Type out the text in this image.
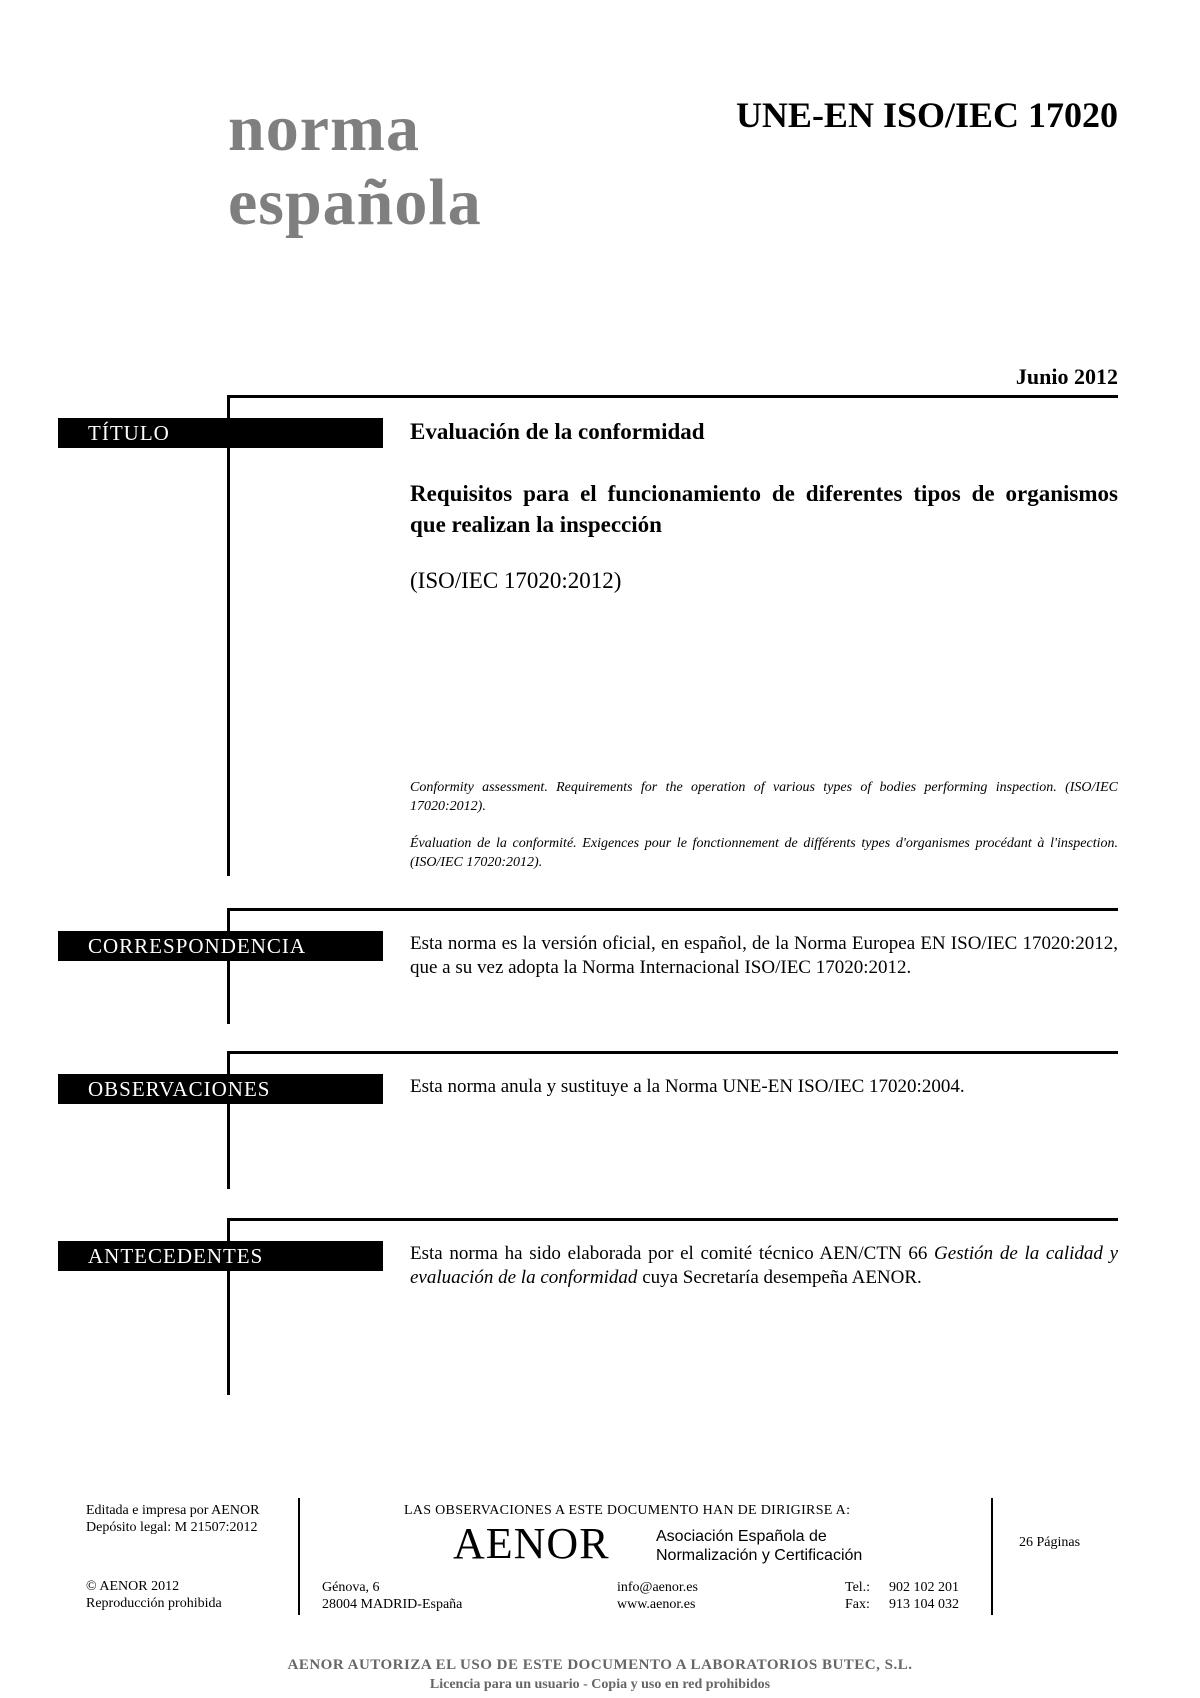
norma
española
UNE-EN ISO/IEC 17020
Junio 2012
TÍTULO	Evaluación de la conformidad
Requisitos para el funcionamiento de diferentes tipos de organismos que realizan la inspección
(ISO/IEC 17020:2012)
Conformity assessment. Requirements for the operation of various types of bodies performing inspection. (ISO/IEC 17020:2012).
Évaluation de la conformité. Exigences pour le fonctionnement de différents types d'organismes procédant à l'inspection. (ISO/IEC 17020:2012).
CORRESPONDENCIA	Esta norma es la versión oficial, en español, de la Norma Europea EN ISO/IEC 17020:2012, que a su vez adopta la Norma Internacional ISO/IEC 17020:2012.
OBSERVACIONES	Esta norma anula y sustituye a la Norma UNE-EN ISO/IEC 17020:2004.
ANTECEDENTES	Esta norma ha sido elaborada por el comité técnico AEN/CTN 66 Gestión de la calidad y evaluación de la conformidad cuya Secretaría desempeña AENOR.
Editada e impresa por AENOR
Depósito legal: M 21507:2012
© AENOR 2012
Reproducción prohibida
LAS OBSERVACIONES A ESTE DOCUMENTO HAN DE DIRIGIRSE A:
AENOR	Asociación Española de
Normalización y Certificación
Génova, 6
28004 MADRID-España
info@aenor.es
www.aenor.es
Tel.: 902 102 201
Fax: 913 104 032
26 Páginas
AENOR AUTORIZA EL USO DE ESTE DOCUMENTO A LABORATORIOS BUTEC, S.L.
Licencia para un usuario - Copia y uso en red prohibidos
